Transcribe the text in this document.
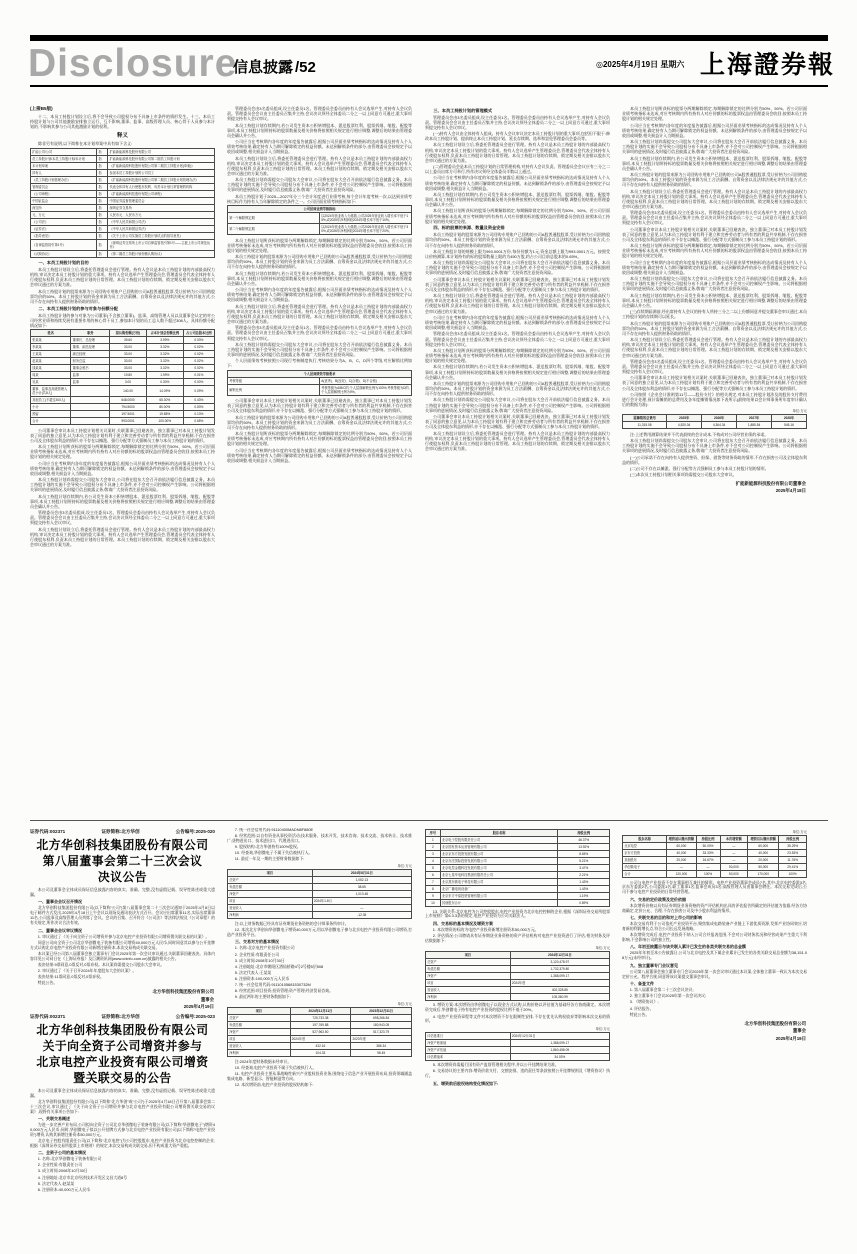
Disclosure
信息披露 /52	◎2025年4月19日 星期六 上海證券報
(上接B5版)
十二、本员工持股计划设立后,将不会导致公司股权分布不具备上市条件的情形发生。十三、本员工持股计划与公司其他激励安排独立运行、互不影响,董事、监事、高级管理人员、核心骨干人员参与本计划的,不影响其参与公司其他激励计划的权利。
释义
除非另有说明,以下简称在本计划草案中具有如下含义:
扩能公司/公司	指	扩能新能源科技股份有限公司
员工持股计划/本员工持股计划/本计划	指	扩能新能源科技股份有限公司第二期员工持股计划
本计划草案	指	《扩能新能源科技股份有限公司第二期员工持股计划(草案)》
持有人	指	参加本员工持股计划的公司员工
《员工持股计划管理办法》	指	《扩能新能源科技股份有限公司第二期员工持股计划管理办法》
管理委员会	指	代表全体持有人行使股东权利、负责本计划日常管理的机构
《公司章程》	指	《扩能新能源科技股份有限公司章程》
中国证监会	指	中国证券监督管理委员会
深交所	指	深圳证券交易所
元、万元	指	人民币元、人民币万元
《公司法》	指	《中华人民共和国公司法》
《证券法》	指	《中华人民共和国证券法》
《指导意见》	指	《关于上市公司实施员工持股计划试点的指导意见》
《自律监管指引第1号》	指	《深圳证券交易所上市公司自律监管指引第1号——主板上市公司规范运作》
《认购协议》	指	《第二期员工持股计划份额认购协议》
一、本员工持股计划的目的
本员工持股计划设立后,将委托管理委员会进行管理。持有人会议是本员工持股计划的内部最高权力机构,审议决定本员工持股计划的重大事项。持有人会议选举产生管理委员会,管理委员会代表全体持有人行使股东权利,负责本员工持股计划的日常管理。本员工持股计划的存续期、锁定期及相关安排以股东大会审议通过的方案为准。
本员工持股计划的股票来源为公司回购专用账户已回购的公司A股普通股股票,受让价格为公司回购股票均价的50%。本员工持股计划的资金来源为员工合法薪酬、自筹资金以及法律法规允许的其他方式,公司不存在向持有人提供财务资助的情形。
二、本员工持股计划的参与对象与份额分配
本员工持股计划的参与对象为公司董事(不含独立董事)、监事、高级管理人员以及董事会认定的对公司经营业绩和持续发展有重要作用的核心骨干员工,参加本计划的员工总人数不超过308人。具体份额分配情况如下:
姓名	职务	拟认购份额(万份)	占本计划总份额比例	占公司总股本比例
张某某	董事长、总经理	39.60	3.99%	0.03%
李某某	董事、副总经理	33.00	3.32%	0.02%
王某某	副总经理	33.00	3.32%	0.02%
赵某某	财务总监	33.00	3.32%	0.02%
钱某某	董事会秘书	33.00	3.32%	0.02%
周某	监事	19.80	1.99%	0.01%
吴某	监事	3.00	0.30%	0.00%
董事、监事及高级管理人员小计(共8人)		140.00	14.09%	0.09%
其他员工(不超过300人)		648.0000	65.30%	0.43%
小计		794.5000	80.00%	0.53%
预留		197.5001	19.88%	0.13%
合计		993.0001	100.00%	0.65%
公司董事会审议本员工持股计划相关议案时,关联董事已回避表决。独立董事已对本员工持股计划发表了同意的独立意见,认为本员工持股计划有利于建立和完善劳动者与所有者的利益共享机制,不存在损害公司及全体股东利益的情形,亦不存在以摊派、强行分配等方式强制员工参与本员工持股计划的情形。
本员工持股计划所获标的股票分两期解除锁定,每期解除锁定的比例分别为50%、50%。若公司层面业绩考核指标未达成,对应考核期内所有持有人对应份额的标的股票权益由管理委员会收回,按照本员工持股计划的相关规定处理。
公司应当在考核期内各年度的年度报告披露后,根据公司层面业绩考核指标的达成情况及持有人个人绩效考核结果,确定持有人当期可解除锁定的权益份额。未达到解锁条件的部分,由管理委员会按规定予以收回或调整,相关损益计入当期损益。
本员工持股计划尚需提交公司股东大会审议,公司将在股东大会召开前依法履行信息披露义务。本员工持股计划的实施不会导致公司股权分布不具备上市条件,亦不会对公司控制权产生影响。公司将根据相关事项的进展情况,及时履行信息披露义务,敬请广大投资者注意投资风险。
本员工持股计划存续期内,若公司发生资本公积转增股本、派送股票红利、股票拆细、缩股、配股等事项,本员工持股计划所持标的股票数量及相关价格将按照相关规定进行相应调整,调整后的结果由管理委员会确认并公告。
管理委员会由3名委员组成,设主任委员1名。管理委员会委员由持有人会议选举产生,对持有人会议负责。管理委员会会议由主任委员召集并主持,会议决议须经全体委员二分之一以上同意方可通过,重大事项须提交持有人会议审议。
本员工持股计划设立后,将委托管理委员会进行管理。持有人会议是本员工持股计划的内部最高权力机构,审议决定本员工持股计划的重大事项。持有人会议选举产生管理委员会,管理委员会代表全体持有人行使股东权利,负责本员工持股计划的日常管理。本员工持股计划的存续期、锁定期及相关安排以股东大会审议通过的方案为准。
管理委员会由3名委员组成,设主任委员1名。管理委员会委员由持有人会议选举产生,对持有人会议负责。管理委员会会议由主任委员召集并主持,会议决议须经全体委员二分之一以上同意方可通过,重大事项须提交持有人会议审议。
本员工持股计划存续期内,若公司发生资本公积转增股本、派送股票红利、股票拆细、缩股、配股等事项,本员工持股计划所持标的股票数量及相关价格将按照相关规定进行相应调整,调整后的结果由管理委员会确认并公告。
公司应当在考核期内各年度的年度报告披露后,根据公司层面业绩考核指标的达成情况及持有人个人绩效考核结果,确定持有人当期可解除锁定的权益份额。未达到解锁条件的部分,由管理委员会按规定予以收回或调整,相关损益计入当期损益。
本员工持股计划设立后,将委托管理委员会进行管理。持有人会议是本员工持股计划的内部最高权力机构,审议决定本员工持股计划的重大事项。持有人会议选举产生管理委员会,管理委员会代表全体持有人行使股东权利,负责本员工持股计划的日常管理。本员工持股计划的存续期、锁定期及相关安排以股东大会审议通过的方案为准。
本员工持股计划尚需提交公司股东大会审议,公司将在股东大会召开前依法履行信息披露义务。本员工持股计划的实施不会导致公司股权分布不具备上市条件,亦不会对公司控制权产生影响。公司将根据相关事项的进展情况,及时履行信息披露义务,敬请广大投资者注意投资风险。
本员工持股计划于2025—2027年分三个会计年度进行业绩考核,每个会计年度考核一次,以达到业绩考核目标作为持有人当年解除锁定的条件之一。公司层面业绩考核指标如下:
公司层面业绩考核指标	
第一个解除锁定期	以2024年营业收入为基数,公司2025年营业收入增长率不低于15%,或2025年净利润较2024年增长率不低于10%。
第二个解除锁定期	以2024年营业收入为基数,公司2026年营业收入增长率不低于30%,或2026年净利润较2024年增长率不低于20%。
本员工持股计划所获标的股票分两期解除锁定,每期解除锁定的比例分别为50%、50%。若公司层面业绩考核指标未达成,对应考核期内所有持有人对应份额的标的股票权益由管理委员会收回,按照本员工持股计划的相关规定处理。
本员工持股计划的股票来源为公司回购专用账户已回购的公司A股普通股股票,受让价格为公司回购股票均价的50%。本员工持股计划的资金来源为员工合法薪酬、自筹资金以及法律法规允许的其他方式,公司不存在向持有人提供财务资助的情形。
本员工持股计划存续期内,若公司发生资本公积转增股本、派送股票红利、股票拆细、缩股、配股等事项,本员工持股计划所持标的股票数量及相关价格将按照相关规定进行相应调整,调整后的结果由管理委员会确认并公告。
公司应当在考核期内各年度的年度报告披露后,根据公司层面业绩考核指标的达成情况及持有人个人绩效考核结果,确定持有人当期可解除锁定的权益份额。未达到解锁条件的部分,由管理委员会按规定予以收回或调整,相关损益计入当期损益。
本员工持股计划设立后,将委托管理委员会进行管理。持有人会议是本员工持股计划的内部最高权力机构,审议决定本员工持股计划的重大事项。持有人会议选举产生管理委员会,管理委员会代表全体持有人行使股东权利,负责本员工持股计划的日常管理。本员工持股计划的存续期、锁定期及相关安排以股东大会审议通过的方案为准。
管理委员会由3名委员组成,设主任委员1名。管理委员会委员由持有人会议选举产生,对持有人会议负责。管理委员会会议由主任委员召集并主持,会议决议须经全体委员二分之一以上同意方可通过,重大事项须提交持有人会议审议。
本员工持股计划尚需提交公司股东大会审议,公司将在股东大会召开前依法履行信息披露义务。本员工持股计划的实施不会导致公司股权分布不具备上市条件,亦不会对公司控制权产生影响。公司将根据相关事项的进展情况,及时履行信息披露义务,敬请广大投资者注意投资风险。
个人层面绩效考核按照公司现行考核制度执行,考核结果分为A、B、C、D四个等级,对应解锁比例如下:
个人层面绩效考核要求	
考核等级	A(优秀)、B(良好)、C(合格)、D(不合格)
解锁比例	考核等级为A/B/C的,个人层面解锁比例为100%;考核等级为D的,个人层面解锁比例为0%。
公司董事会审议本员工持股计划相关议案时,关联董事已回避表决。独立董事已对本员工持股计划发表了同意的独立意见,认为本员工持股计划有利于建立和完善劳动者与所有者的利益共享机制,不存在损害公司及全体股东利益的情形,亦不存在以摊派、强行分配等方式强制员工参与本员工持股计划的情形。
本员工持股计划的股票来源为公司回购专用账户已回购的公司A股普通股股票,受让价格为公司回购股票均价的50%。本员工持股计划的资金来源为员工合法薪酬、自筹资金以及法律法规允许的其他方式,公司不存在向持有人提供财务资助的情形。
本员工持股计划所获标的股票分两期解除锁定,每期解除锁定的比例分别为50%、50%。若公司层面业绩考核指标未达成,对应考核期内所有持有人对应份额的标的股票权益由管理委员会收回,按照本员工持股计划的相关规定处理。
公司应当在考核期内各年度的年度报告披露后,根据公司层面业绩考核指标的达成情况及持有人个人绩效考核结果,确定持有人当期可解除锁定的权益份额。未达到解锁条件的部分,由管理委员会按规定予以收回或调整,相关损益计入当期损益。
三、本员工持股计划的管理模式
管理委员会由3名委员组成,设主任委员1名。管理委员会委员由持有人会议选举产生,对持有人会议负责。管理委员会会议由主任委员召集并主持,会议决议须经全体委员二分之一以上同意方可通过,重大事项须提交持有人会议审议。
(一)持有人会议由全体持有人组成。持有人会议审议决定本员工持股计划的重大事项,包括但不限于:修改本员工持股计划、提前终止本员工持股计划、延长存续期、选举和罢免管理委员会委员等。
本员工持股计划设立后,将委托管理委员会进行管理。持有人会议是本员工持股计划的内部最高权力机构,审议决定本员工持股计划的重大事项。持有人会议选举产生管理委员会,管理委员会代表全体持有人行使股东权利,负责本员工持股计划的日常管理。本员工持股计划的存续期、锁定期及相关安排以股东大会审议通过的方案为准。
(二)管理委员会是本员工持股计划的日常管理机构,对持有人会议负责。管理委员会会议应有三分之二以上委员出席方可举行,所作决议须经全体委员半数以上通过。
公司应当在考核期内各年度的年度报告披露后,根据公司层面业绩考核指标的达成情况及持有人个人绩效考核结果,确定持有人当期可解除锁定的权益份额。未达到解锁条件的部分,由管理委员会按规定予以收回或调整,相关损益计入当期损益。
本员工持股计划存续期内,若公司发生资本公积转增股本、派送股票红利、股票拆细、缩股、配股等事项,本员工持股计划所持标的股票数量及相关价格将按照相关规定进行相应调整,调整后的结果由管理委员会确认并公告。
本员工持股计划所获标的股票分两期解除锁定,每期解除锁定的比例分别为50%、50%。若公司层面业绩考核指标未达成,对应考核期内所有持有人对应份额的标的股票权益由管理委员会收回,按照本员工持股计划的相关规定处理。
四、标的股票的来源、数量及资金安排
本员工持股计划的股票来源为公司回购专用账户已回购的公司A股普通股股票,受让价格为公司回购股票均价的50%。本员工持股计划的资金来源为员工合法薪酬、自筹资金以及法律法规允许的其他方式,公司不存在向持有人提供财务资助的情形。
本员工持股计划的规模上限为993.0001万份,每份份额为1元,资金总额上限为993.0001万元。按照受让价格测算,本计划持有的标的股票数量上限约为450万股,约占公司目前总股本的0.65%。
本员工持股计划尚需提交公司股东大会审议,公司将在股东大会召开前依法履行信息披露义务。本员工持股计划的实施不会导致公司股权分布不具备上市条件,亦不会对公司控制权产生影响。公司将根据相关事项的进展情况,及时履行信息披露义务,敬请广大投资者注意投资风险。
公司董事会审议本员工持股计划相关议案时,关联董事已回避表决。独立董事已对本员工持股计划发表了同意的独立意见,认为本员工持股计划有利于建立和完善劳动者与所有者的利益共享机制,不存在损害公司及全体股东利益的情形,亦不存在以摊派、强行分配等方式强制员工参与本员工持股计划的情形。
本员工持股计划设立后,将委托管理委员会进行管理。持有人会议是本员工持股计划的内部最高权力机构,审议决定本员工持股计划的重大事项。持有人会议选举产生管理委员会,管理委员会代表全体持有人行使股东权利,负责本员工持股计划的日常管理。本员工持股计划的存续期、锁定期及相关安排以股东大会审议通过的方案为准。
公司应当在考核期内各年度的年度报告披露后,根据公司层面业绩考核指标的达成情况及持有人个人绩效考核结果,确定持有人当期可解除锁定的权益份额。未达到解锁条件的部分,由管理委员会按规定予以收回或调整,相关损益计入当期损益。
管理委员会由3名委员组成,设主任委员1名。管理委员会委员由持有人会议选举产生,对持有人会议负责。管理委员会会议由主任委员召集并主持,会议决议须经全体委员二分之一以上同意方可通过,重大事项须提交持有人会议审议。
本员工持股计划所获标的股票分两期解除锁定,每期解除锁定的比例分别为50%、50%。若公司层面业绩考核指标未达成,对应考核期内所有持有人对应份额的标的股票权益由管理委员会收回,按照本员工持股计划的相关规定处理。
本员工持股计划存续期内,若公司发生资本公积转增股本、派送股票红利、股票拆细、缩股、配股等事项,本员工持股计划所持标的股票数量及相关价格将按照相关规定进行相应调整,调整后的结果由管理委员会确认并公告。
本员工持股计划的股票来源为公司回购专用账户已回购的公司A股普通股股票,受让价格为公司回购股票均价的50%。本员工持股计划的资金来源为员工合法薪酬、自筹资金以及法律法规允许的其他方式,公司不存在向持有人提供财务资助的情形。
本员工持股计划尚需提交公司股东大会审议,公司将在股东大会召开前依法履行信息披露义务。本员工持股计划的实施不会导致公司股权分布不具备上市条件,亦不会对公司控制权产生影响。公司将根据相关事项的进展情况,及时履行信息披露义务,敬请广大投资者注意投资风险。
公司董事会审议本员工持股计划相关议案时,关联董事已回避表决。独立董事已对本员工持股计划发表了同意的独立意见,认为本员工持股计划有利于建立和完善劳动者与所有者的利益共享机制,不存在损害公司及全体股东利益的情形,亦不存在以摊派、强行分配等方式强制员工参与本员工持股计划的情形。
本员工持股计划设立后,将委托管理委员会进行管理。持有人会议是本员工持股计划的内部最高权力机构,审议决定本员工持股计划的重大事项。持有人会议选举产生管理委员会,管理委员会代表全体持有人行使股东权利,负责本员工持股计划的日常管理。本员工持股计划的存续期、锁定期及相关安排以股东大会审议通过的方案为准。
本员工持股计划所获标的股票分两期解除锁定,每期解除锁定的比例分别为50%、50%。若公司层面业绩考核指标未达成,对应考核期内所有持有人对应份额的标的股票权益由管理委员会收回,按照本员工持股计划的相关规定处理。
公司应当在考核期内各年度的年度报告披露后,根据公司层面业绩考核指标的达成情况及持有人个人绩效考核结果,确定持有人当期可解除锁定的权益份额。未达到解锁条件的部分,由管理委员会按规定予以收回或调整,相关损益计入当期损益。
本员工持股计划尚需提交公司股东大会审议,公司将在股东大会召开前依法履行信息披露义务。本员工持股计划的实施不会导致公司股权分布不具备上市条件,亦不会对公司控制权产生影响。公司将根据相关事项的进展情况,及时履行信息披露义务,敬请广大投资者注意投资风险。
本员工持股计划存续期内,若公司发生资本公积转增股本、派送股票红利、股票拆细、缩股、配股等事项,本员工持股计划所持标的股票数量及相关价格将按照相关规定进行相应调整,调整后的结果由管理委员会确认并公告。
本员工持股计划的股票来源为公司回购专用账户已回购的公司A股普通股股票,受让价格为公司回购股票均价的50%。本员工持股计划的资金来源为员工合法薪酬、自筹资金以及法律法规允许的其他方式,公司不存在向持有人提供财务资助的情形。
本员工持股计划设立后,将委托管理委员会进行管理。持有人会议是本员工持股计划的内部最高权力机构,审议决定本员工持股计划的重大事项。持有人会议选举产生管理委员会,管理委员会代表全体持有人行使股东权利,负责本员工持股计划的日常管理。本员工持股计划的存续期、锁定期及相关安排以股东大会审议通过的方案为准。
管理委员会由3名委员组成,设主任委员1名。管理委员会委员由持有人会议选举产生,对持有人会议负责。管理委员会会议由主任委员召集并主持,会议决议须经全体委员二分之一以上同意方可通过,重大事项须提交持有人会议审议。
公司董事会审议本员工持股计划相关议案时,关联董事已回避表决。独立董事已对本员工持股计划发表了同意的独立意见,认为本员工持股计划有利于建立和完善劳动者与所有者的利益共享机制,不存在损害公司及全体股东利益的情形,亦不存在以摊派、强行分配等方式强制员工参与本员工持股计划的情形。
本员工持股计划所获标的股票分两期解除锁定,每期解除锁定的比例分别为50%、50%。若公司层面业绩考核指标未达成,对应考核期内所有持有人对应份额的标的股票权益由管理委员会收回,按照本员工持股计划的相关规定处理。
公司应当在考核期内各年度的年度报告披露后,根据公司层面业绩考核指标的达成情况及持有人个人绩效考核结果,确定持有人当期可解除锁定的权益份额。未达到解锁条件的部分,由管理委员会按规定予以收回或调整,相关损益计入当期损益。
本员工持股计划尚需提交公司股东大会审议,公司将在股东大会召开前依法履行信息披露义务。本员工持股计划的实施不会导致公司股权分布不具备上市条件,亦不会对公司控制权产生影响。公司将根据相关事项的进展情况,及时履行信息披露义务,敬请广大投资者注意投资风险。
本员工持股计划存续期内,若公司发生资本公积转增股本、派送股票红利、股票拆细、缩股、配股等事项,本员工持股计划所持标的股票数量及相关价格将按照相关规定进行相应调整,调整后的结果由管理委员会确认并公告。
(三)存续期届满前,经出席持有人会议的持有人所持三分之二以上份额同意并提交董事会审议通过,本员工持股计划的存续期可以延长。
本员工持股计划的股票来源为公司回购专用账户已回购的公司A股普通股股票,受让价格为公司回购股票均价的50%。本员工持股计划的资金来源为员工合法薪酬、自筹资金以及法律法规允许的其他方式,公司不存在向持有人提供财务资助的情形。
本员工持股计划设立后,将委托管理委员会进行管理。持有人会议是本员工持股计划的内部最高权力机构,审议决定本员工持股计划的重大事项。持有人会议选举产生管理委员会,管理委员会代表全体持有人行使股东权利,负责本员工持股计划的日常管理。本员工持股计划的存续期、锁定期及相关安排以股东大会审议通过的方案为准。
管理委员会由3名委员组成,设主任委员1名。管理委员会委员由持有人会议选举产生,对持有人会议负责。管理委员会会议由主任委员召集并主持,会议决议须经全体委员二分之一以上同意方可通过,重大事项须提交持有人会议审议。
公司董事会审议本员工持股计划相关议案时,关联董事已回避表决。独立董事已对本员工持股计划发表了同意的独立意见,认为本员工持股计划有利于建立和完善劳动者与所有者的利益共享机制,不存在损害公司及全体股东利益的情形,亦不存在以摊派、强行分配等方式强制员工参与本员工持股计划的情形。
公司按照《企业会计准则第11号——股份支付》的相关规定,对本员工持股计划涉及的股份支付费用进行会计处理,预计需摊销的总费用及各年度摊销情况如下表所示(最终结果以会计师事务所年度审计确认后的数据为准):
单位:万元
需摊销的总费用	2025年	2026年	2027年	2028年
11,315.08	4,520.04	4,364.34	1,885.54	545.16
注:上述费用测算结果并不代表最终的会计成本,不构成对公司经营业绩的承诺。
本员工持股计划尚需提交公司股东大会审议,公司将在股东大会召开前依法履行信息披露义务。本员工持股计划的实施不会导致公司股权分布不具备上市条件,亦不会对公司控制权产生影响。公司将根据相关事项的进展情况,及时履行信息披露义务,敬请广大投资者注意投资风险。
(一)公司承诺不存在向持有人提供垫资、担保、借贷等财务资助的情形,不存在损害公司及全体股东利益的情形。
(二)公司不存在以摊派、强行分配等方式强制员工参与本员工持股计划的情形。
(三)本次员工持股计划相关事项尚需提交公司股东大会审议。
扩能新能源科技股份有限公司董事会
2025年4月18日
证券代码:002371	证券简称:北方华创	公告编号:2025-020
北方华创科技集团股份有限公司
第八届董事会第二十三次会议
决议公告
本公司及董事会全体成员保证信息披露内容的真实、准确、完整,没有虚假记载、误导性陈述或重大遗漏。
一、董事会会议召开情况
北方华创科技集团股份有限公司(以下简称“公司”)第八届董事会第二十三次会议通知于2025年4月8日以电子邮件方式发出,2025年4月18日上午会议以现场及通讯表决方式召开。会议应出席董事11名,实际出席董事11名,公司监事及高级管理人员列席了会议。会议的召集、召开符合《公司法》等法律法规及《公司章程》的有关规定,所作决议合法有效。
二、董事会会议审议情况
1. 审议通过了《关于向全资子公司增资并参与北京电控产业投资有限公司增资暨关联交易的议案》。
同意公司向全资子公司北京华创微电子装备有限公司增资40,000万元人民币,同时同意其以参与公开挂牌方式认购北京电控产业投资有限公司新增注册资本,本次交易构成关联交易。
本议案已经公司第八届董事会独立董事专门会议2025年第一次会议审议通过,关联董事回避表决。具体内容详见公司同日在《上海证券报》及巨潮资讯网(www.cninfo.com.cn)披露的相关公告。
表决结果:9票同意,0票反对,0票弃权。本议案尚需提交公司股东大会审议。
2. 审议通过了《关于召开2024年年度股东大会的议案》。
表决结果:11票同意,0票反对,0票弃权。
特此公告。
北方华创科技集团股份有限公司
董事会
2025年4月19日
证券代码:002371	证券简称:北方华创	公告编号:2025-023
北方华创科技集团股份有限公司
关于向全资子公司增资并参与
北京电控产业投资有限公司增资
暨关联交易的公告
本公司及董事会全体成员保证信息披露内容的真实、准确、完整,没有虚假记载、误导性陈述或重大遗漏。
北方华创科技集团股份有限公司(以下简称“北方华创”或“公司”)于2025年4月18日召开第八届董事会第二十三次会议,审议通过了《关于向全资子公司增资并参与北京电控产业投资有限公司增资暨关联交易的议案》,现将有关事项公告如下:
一、关联交易概述
为进一步完善产业布局,公司拟向全资子公司北京华创微电子装备有限公司(以下简称“华创微电子”)增资40,000万元人民币;同时,华创微电子拟以公开挂牌方式参与北京电控产业投资有限公司(以下简称“电控产业投资”)增资,认购其新增注册资本50,000万元。
北京电子控股有限责任公司(以下简称“北京电控”)为公司控股股东,电控产业投资为北京电控控制的企业,根据《深圳证券交易所股票上市规则》的规定,本次交易构成关联交易,但不构成重大资产重组。
二、全资子公司的基本情况
1. 名称:北京华创微电子装备有限公司
2. 企业性质:有限责任公司
3. 成立时间:2008年10月30日
4. 注册地址:北京市北京经济技术开发区文昌大道8号
5. 法定代表人:赵某某
6. 注册资本:40,000万元人民币
7. 统一社会信用代码:91110400MADN8F880E
8. 经营范围:以自有资金从事投资活动;技术服务、技术开发、技术咨询、技术交流、技术转让、技术推广;货物进出口、技术进出口、代理进出口。
9. 股权结构:北方华创持有100%股权。
10. 经查询,华创微电子不属于失信被执行人。
11. 最近一年及一期的主要财务数据如下:
单位:万元
项目	2024年8月31日
总资产	1,052.13
负债总额	38.65
净资产	1,013.48
项目	2024年1-8月
营业收入	—
净利润	-12.35
注:以上财务数据已经具有证券期货业务资格的会计师事务所审计。
12. 本次北方华创向华创微电子增资40,000万元,用以华创微电子参与北京电控产业投资有限公司增资,打造产业投资平台。
三、交易对方的基本情况
1. 名称:北京电控产业投资有限公司
2. 企业性质:有限责任公司
3. 成立时间:2008年10月30日
4. 注册地址:北京市朝阳区酒仙桥路4号2号楼5层508
5. 法定代表人:王某某
6. 注册资本:100,000万元人民币
7. 统一社会信用代码:91110105681530732M
8. 经营范围:项目投资;投资管理;资产管理;经济贸易咨询。
9. 最近两年的主要财务数据如下:
单位:万元
项目	2024年12月31日	2023年12月31日
总资产	725,733.38	698,266.84
负债总额	197,769.88	180,943.05
净资产	527,963.50	517,323.79
项目	2024年度	2023年度
营业收入	432.16	386.34
净利润	104.33	98.45
注:2024年度财务数据未经审计。
10. 经查询,电控产业投资不属于失信被执行人。
11. 电控产业投资主要从事战略性新兴产业股权投资业务,围绕电子信息产业开展投资布局,投资领域涵盖集成电路、新型显示、智能制造等方向。
12. 本次增资前,电控产业投资的股权结构如下:
序号	股东名称	持股比例
1	北京电子控股有限责任公司	46.37%
2	北京国有资本运营管理有限公司	13.92%
3	北京京东方投资发展有限公司	8.65%
4	北京亦庄国际投资发展有限公司	5.21%
5	北京电控金服科技发展有限公司	3.47%
6	北京七星华电科技集团有限责任公司	2.21%
7	北京燕东微电子科技有限公司	1.43%
8	北京广播电视设备厂	1.43%
9	北京东方中原投资管理有限公司	1.19%
10	其他股东合计	0.89%
13. 关联关系:北京电控为公司控股股东,电控产业投资为北京电控控制的企业,根据《深圳证券交易所股票上市规则》第6.3.3条的规定,电控产业投资为公司关联法人。
四、交易标的基本情况及增资方案
1. 本次增资的标的为电控产业投资新增注册资本50,000万元。
2. 评估情况:公司聘请具有证券期货业务资格的资产评估机构对电控产业投资进行了评估,相关财务及评估数据如下:
单位:万元
项目	2024年12月31日
总资产	3,120,478.97
负债总额	1,732,379.80
净资产	1,388,099.17
项目	2024年度
营业收入	402,328.85
净利润	105,360.99
3. 增资方案:本次增资由华创微电子以现金方式认购,认购价格以评估值为基础经各方协商确定。本次增资完成后,华创微电子持有电控产业投资的股权比例不低于20%。
4. 电控产业投资章程等文件对本次增资不存在限制性安排,不存在优先认购权放弃等影响本次交易的情形。
单位:万元
评估基准日	2024年12月31日
净资产账面值	1,388,099.17
净资产评估值	1,860,458.09
评估增值率	34.03%
5. 本次增资尚需履行国有资产监督管理相关程序,并以公开挂牌结果为准。
6. 交易协议的主要内容:增资价款支付、交割安排、违约责任等条款按照公开挂牌规则及《增资协议》执行。
五、增资前后股权结构变化情况如下:
单位:万元
股东名称	增资前认缴出资额	持股比例	本次增资额	增资后认缴出资额	持股比例
北京电控	60,000	50.00%	—	60,000	35.29%
京东方投资	40,000	33.33%	—	40,000	23.53%
其他股东	20,000	16.67%	—	20,000	11.76%
华创微电子	—	—	50,000	50,000	29.41%
合计	120,000	100%	50,000	170,000	100%
公司与电控产业投资不存在董事相互兼任的情形。电控产业投资董事会成员7名,其中:北京电控委派3名,京东方委派2名,公司委派1名,职工董事1名;监事会成员3名;高级管理人员由董事会聘任。本次交易完成后,公司不参与电控产业投资的日常经营管理。
六、交易的定价政策及定价依据
本次增资价格以具有证券期货业务资格的资产评估机构出具的评估报告所确定的评估值为依据,经各方协商确定,定价公允、合理,不存在损害公司及中小股东利益的情形。
七、关联交易的目的和对上市公司的影响
本次交易有利于公司依托产业投资平台,聚焦集成电路装备产业链上下游优质资源,发挥产业协同效应,培育新的利润增长点,符合公司长远发展战略。
本次增资完成后,电控产业投资不纳入公司合并报表范围,不会对公司财务状况和经营成果产生重大不利影响,不会影响公司的独立性。
八、年初至披露日与该关联人累计已发生的各类关联交易的总金额
2025年年初至本公告披露日,公司与北京电控及其下属企业累计已发生的各类关联交易总金额为38,151.08万元(未经审计)。
九、独立董事专门会议意见
公司第八届董事会独立董事专门会议2025年第一次会议审议通过本议案,全体独立董事一致认为本次交易定价公允、程序合规,同意将该议案提交董事会审议。
十、备查文件
1. 第八届董事会第二十三次会议决议;
2. 独立董事专门会议2025年第一次会议决议;
3. 《增资协议》;
4. 评估报告。
特此公告。
北方华创科技集团股份有限公司
董事会
2025年4月19日
